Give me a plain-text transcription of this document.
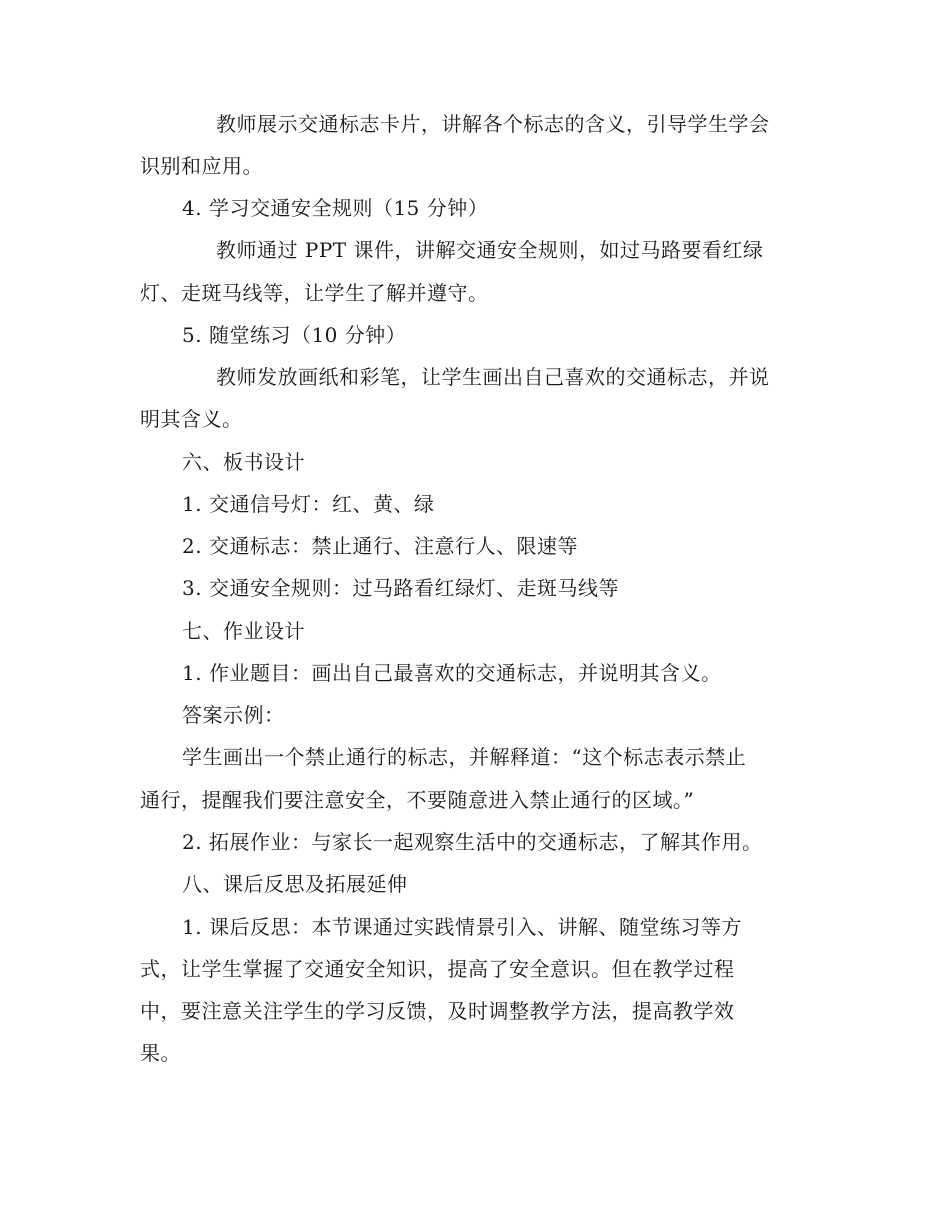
教师展示交通标志卡片，讲解各个标志的含义，引导学生学会
识别和应用。
4. 学习交通安全规则（15 分钟）
教师通过 PPT 课件，讲解交通安全规则，如过马路要看红绿
灯、走斑马线等，让学生了解并遵守。
5. 随堂练习（10 分钟）
教师发放画纸和彩笔，让学生画出自己喜欢的交通标志，并说
明其含义。
六、板书设计
1. 交通信号灯：红、黄、绿
2. 交通标志：禁止通行、注意行人、限速等
3. 交通安全规则：过马路看红绿灯、走斑马线等
七、作业设计
1. 作业题目：画出自己最喜欢的交通标志，并说明其含义。
答案示例：
学生画出一个禁止通行的标志，并解释道：“这个标志表示禁止
通行，提醒我们要注意安全，不要随意进入禁止通行的区域。”
2. 拓展作业：与家长一起观察生活中的交通标志，了解其作用。
八、课后反思及拓展延伸
1. 课后反思：本节课通过实践情景引入、讲解、随堂练习等方
式，让学生掌握了交通安全知识，提高了安全意识。但在教学过程
中，要注意关注学生的学习反馈，及时调整教学方法，提高教学效
果。
